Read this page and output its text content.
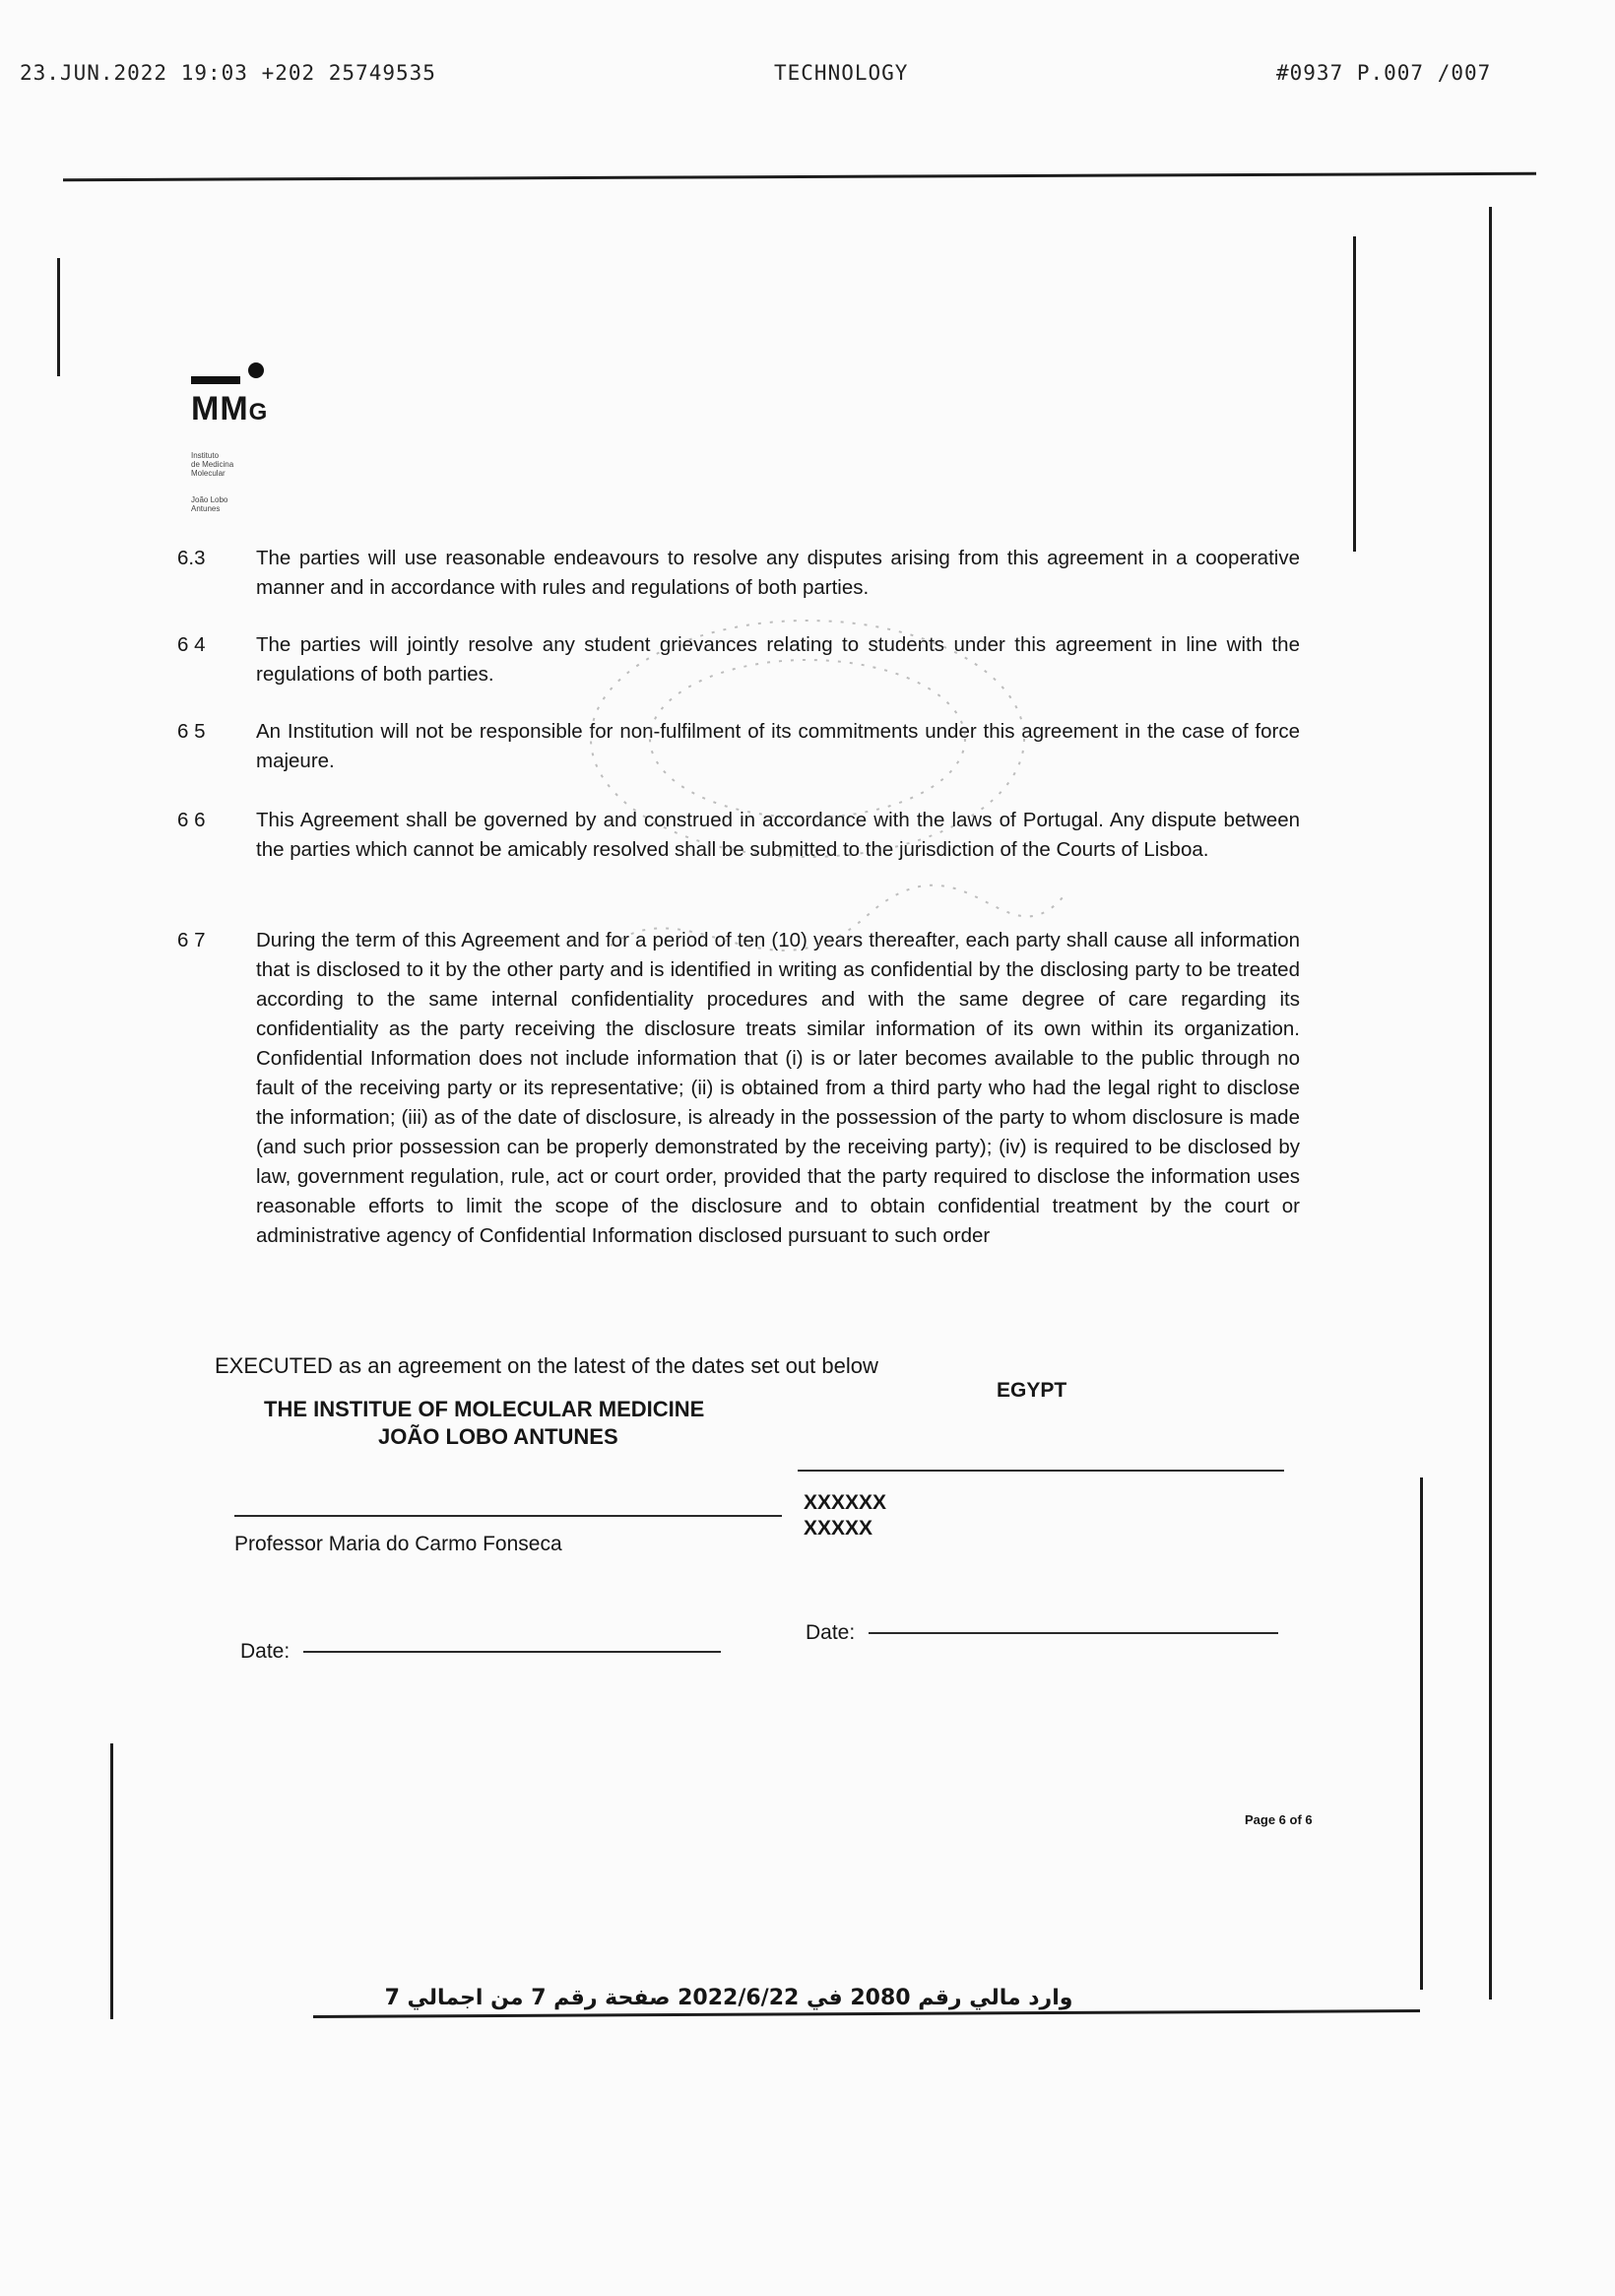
23.JUN.2022 19:03 +202 25749535	TECHNOLOGY	#0937 P.007 /007
MMG
Instituto
de Medicina
Molecular
João Lobo
Antunes
6.3	The parties will use reasonable endeavours to resolve any disputes arising from this agreement in a cooperative manner and in accordance with rules and regulations of both parties.
6 4	The parties will jointly resolve any student grievances relating to students under this agreement in line with the regulations of both parties.
6 5	An Institution will not be responsible for non-fulfilment of its commitments under this agreement in the case of force majeure.
6 6	This Agreement shall be governed by and construed in accordance with the laws of Portugal. Any dispute between the parties which cannot be amicably resolved shall be submitted to the jurisdiction of the Courts of Lisboa.
6 7	During the term of this Agreement and for a period of ten (10) years thereafter, each party shall cause all information that is disclosed to it by the other party and is identified in writing as confidential by the disclosing party to be treated according to the same internal confidentiality procedures and with the same degree of care regarding its confidentiality as the party receiving the disclosure treats similar information of its own within its organization. Confidential Information does not include information that (i) is or later becomes available to the public through no fault of the receiving party or its representative; (ii) is obtained from a third party who had the legal right to disclose the information; (iii) as of the date of disclosure, is already in the possession of the party to whom disclosure is made (and such prior possession can be properly demonstrated by the receiving party); (iv) is required to be disclosed by law, government regulation, rule, act or court order, provided that the party required to disclose the information uses reasonable efforts to limit the scope of the disclosure and to obtain confidential treatment by the court or administrative agency of Confidential Information disclosed pursuant to such order
EXECUTED as an agreement on the latest of the dates set out below
THE INSTITUE OF MOLECULAR MEDICINE
JOÃO LOBO ANTUNES
Professor Maria do Carmo Fonseca
Date:
EGYPT
XXXXXX
XXXXX
Date:
Page 6 of 6
وارد مالي رقم 2080 في 2022/6/22 صفحة رقم 7 من اجمالي 7
